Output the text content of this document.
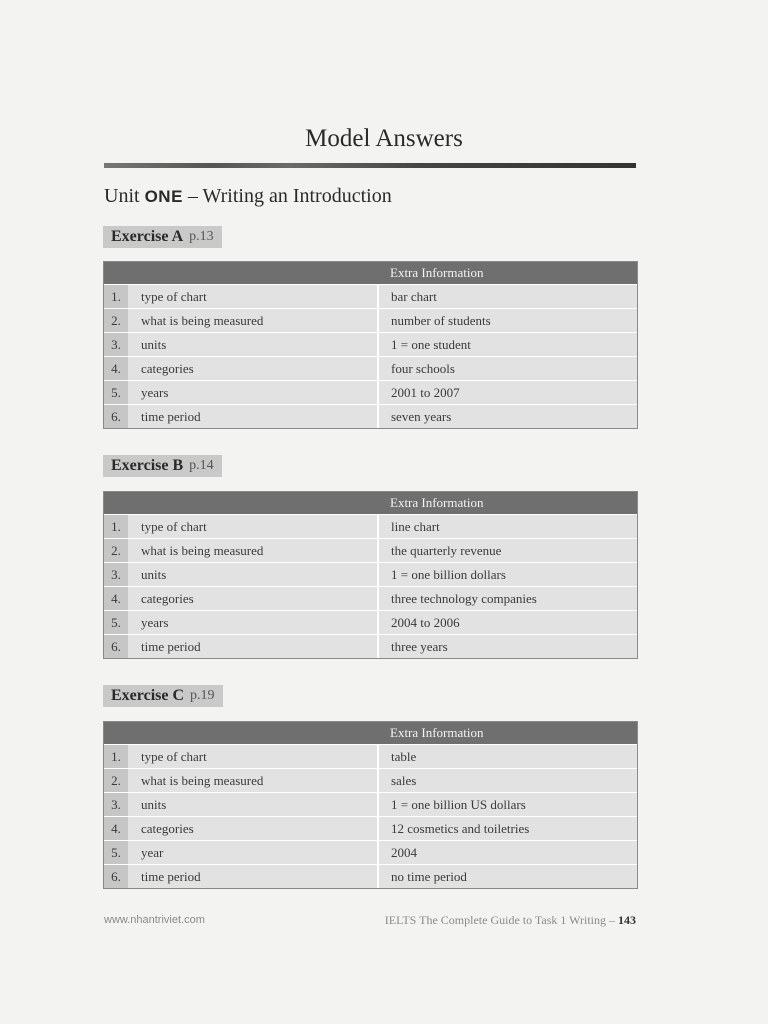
Model Answers
Unit ONE – Writing an Introduction
Exercise A p.13
		Extra Information
1.	type of chart	bar chart
2.	what is being measured	number of students
3.	units	1 = one student
4.	categories	four schools
5.	years	2001 to 2007
6.	time period	seven years
Exercise B p.14
		Extra Information
1.	type of chart	line chart
2.	what is being measured	the quarterly revenue
3.	units	1 = one billion dollars
4.	categories	three technology companies
5.	years	2004 to 2006
6.	time period	three years
Exercise C p.19
		Extra Information
1.	type of chart	table
2.	what is being measured	sales
3.	units	1 = one billion US dollars
4.	categories	12 cosmetics and toiletries
5.	year	2004
6.	time period	no time period
www.nhantriviet.com	IELTS The Complete Guide to Task 1 Writing – 143
